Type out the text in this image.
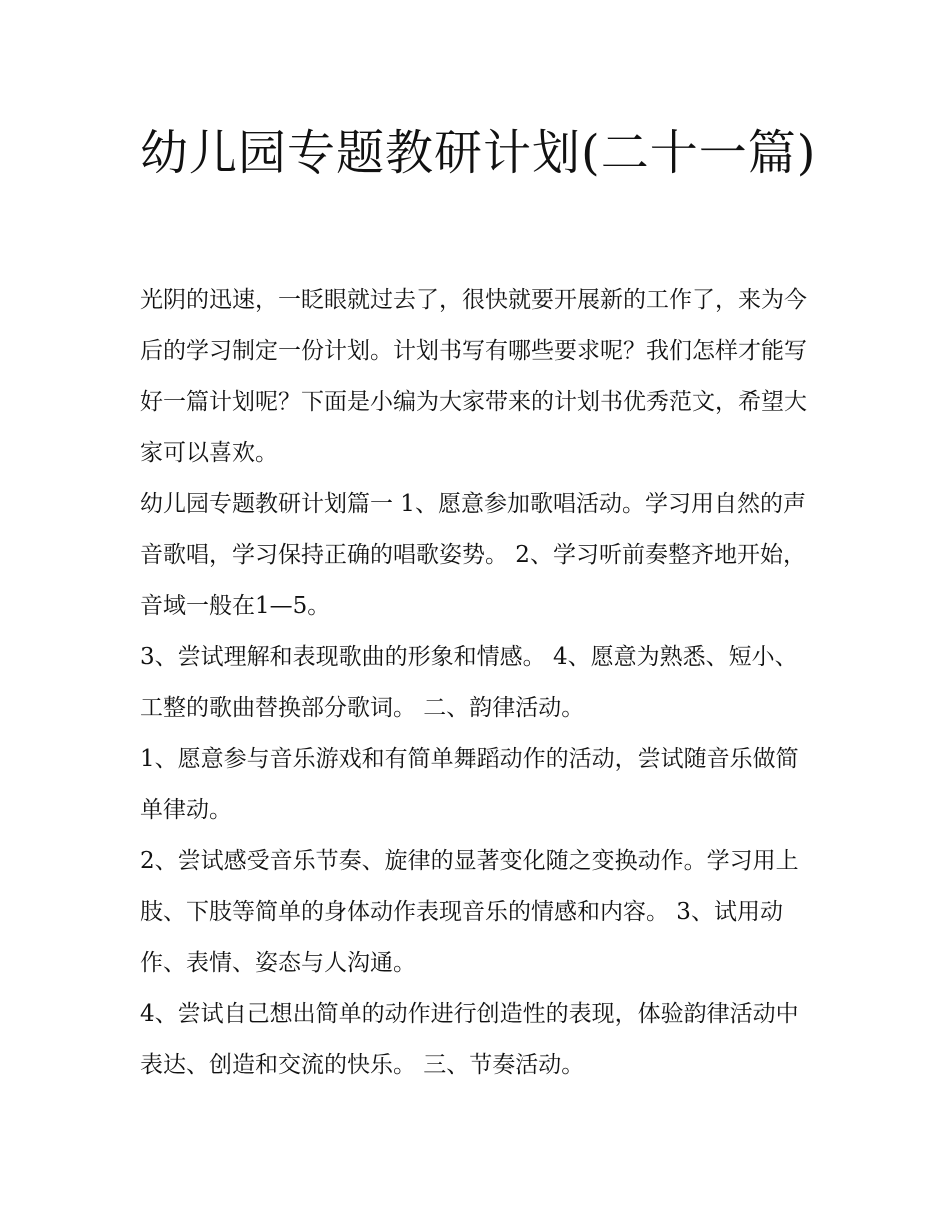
幼儿园专题教研计划(二十一篇)

光阴的迅速，一眨眼就过去了，很快就要开展新的工作了，来为今后的学习制定一份计划。计划书写有哪些要求呢？我们怎样才能写好一篇计划呢？下面是小编为大家带来的计划书优秀范文，希望大家可以喜欢。

幼儿园专题教研计划篇一 1、愿意参加歌唱活动。学习用自然的声音歌唱，学习保持正确的唱歌姿势。 2、学习听前奏整齐地开始，音域一般在1—5。

3、尝试理解和表现歌曲的形象和情感。 4、愿意为熟悉、短小、工整的歌曲替换部分歌词。 二、韵律活动。

1、愿意参与音乐游戏和有简单舞蹈动作的活动，尝试随音乐做简单律动。

2、尝试感受音乐节奏、旋律的显著变化随之变换动作。学习用上肢、下肢等简单的身体动作表现音乐的情感和内容。 3、试用动作、表情、姿态与人沟通。

4、尝试自己想出简单的动作进行创造性的表现，体验韵律活动中表达、创造和交流的快乐。 三、节奏活动。
